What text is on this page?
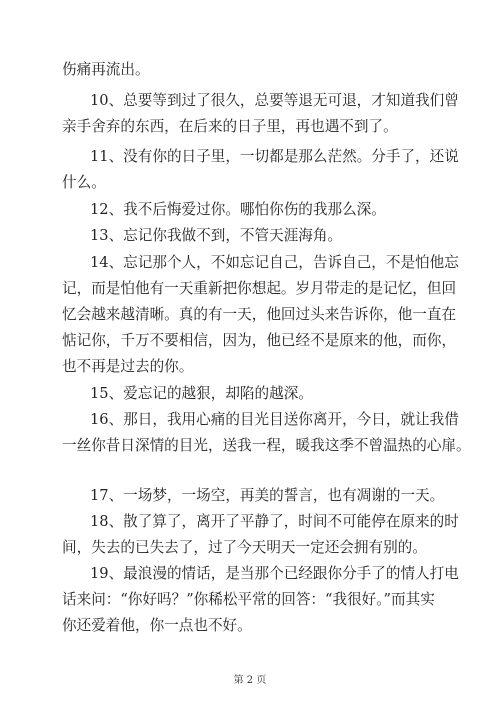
伤痛再流出。
10、总要等到过了很久，总要等退无可退，才知道我们曾
亲手舍弃的东西，在后来的日子里，再也遇不到了。
11、没有你的日子里，一切都是那么茫然。分手了，还说
什么。
12、我不后悔爱过你。哪怕你伤的我那么深。
13、忘记你我做不到，不管天涯海角。
14、忘记那个人，不如忘记自己，告诉自己，不是怕他忘
记，而是怕他有一天重新把你想起。岁月带走的是记忆，但回
忆会越来越清晰。真的有一天，他回过头来告诉你，他一直在
惦记你，千万不要相信，因为，他已经不是原来的他，而你，
也不再是过去的你。
15、爱忘记的越狠，却陷的越深。
16、那日，我用心痛的目光目送你离开，今日，就让我借
一丝你昔日深情的目光，送我一程，暖我这季不曾温热的心扉。
17、一场梦，一场空，再美的誓言，也有凋谢的一天。
18、散了算了，离开了平静了，时间不可能停在原来的时
间，失去的已失去了，过了今天明天一定还会拥有别的。
19、最浪漫的情话，是当那个已经跟你分手了的情人打电
话来问：“你好吗？”你稀松平常的回答：“我很好。”而其实
你还爱着他，你一点也不好。
第 2 页
